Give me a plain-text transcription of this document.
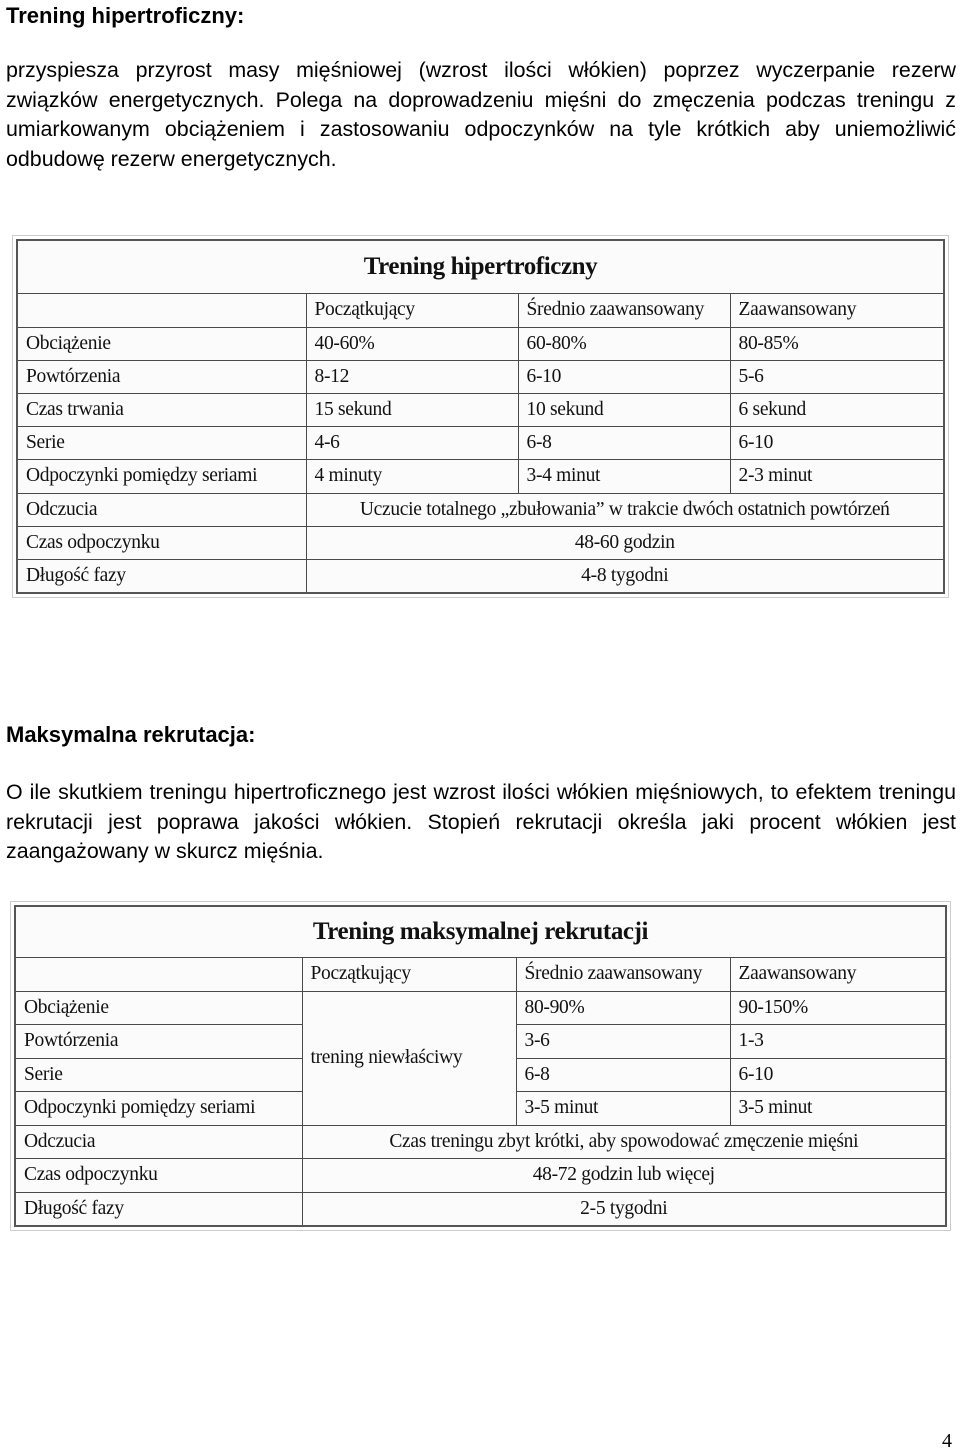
Trening hipertroficzny:

przyspiesza przyrost masy mięśniowej (wzrost ilości włókien) poprzez wyczerpanie rezerw związków energetycznych. Polega na doprowadzeniu mięśni do zmęczenia podczas treningu z umiarkowanym obciążeniem i zastosowaniu odpoczynków na tyle krótkich aby uniemożliwić odbudowę rezerw energetycznych.

Trening hipertroficzny			
	Początkujący	Średnio zaawansowany	Zaawansowany
Obciążenie	40-60%	60-80%	80-85%
Powtórzenia	8-12	6-10	5-6
Czas trwania	15 sekund	10 sekund	6 sekund
Serie	4-6	6-8	6-10
Odpoczynki pomiędzy seriami	4 minuty	3-4 minut	2-3 minut
Odczucia	Uczucie totalnego „zbułowania” w trakcie dwóch ostatnich powtórzeń		
Czas odpoczynku	48-60 godzin		
Długość fazy	4-8 tygodni		
Maksymalna rekrutacja:

O ile skutkiem treningu hipertroficznego jest wzrost ilości włókien mięśniowych, to efektem treningu rekrutacji jest poprawa jakości włókien. Stopień rekrutacji określa jaki procent włókien jest zaangażowany w skurcz mięśnia.

Trening maksymalnej rekrutacji			
	Początkujący	Średnio zaawansowany	Zaawansowany
Obciążenie	trening niewłaściwy	80-90%	90-150%
Powtórzenia		3-6	1-3
Serie		6-8	6-10
Odpoczynki pomiędzy seriami		3-5 minut	3-5 minut
Odczucia	Czas treningu zbyt krótki, aby spowodować zmęczenie mięśni		
Czas odpoczynku	48-72 godzin lub więcej		
Długość fazy	2-5 tygodni		
4
